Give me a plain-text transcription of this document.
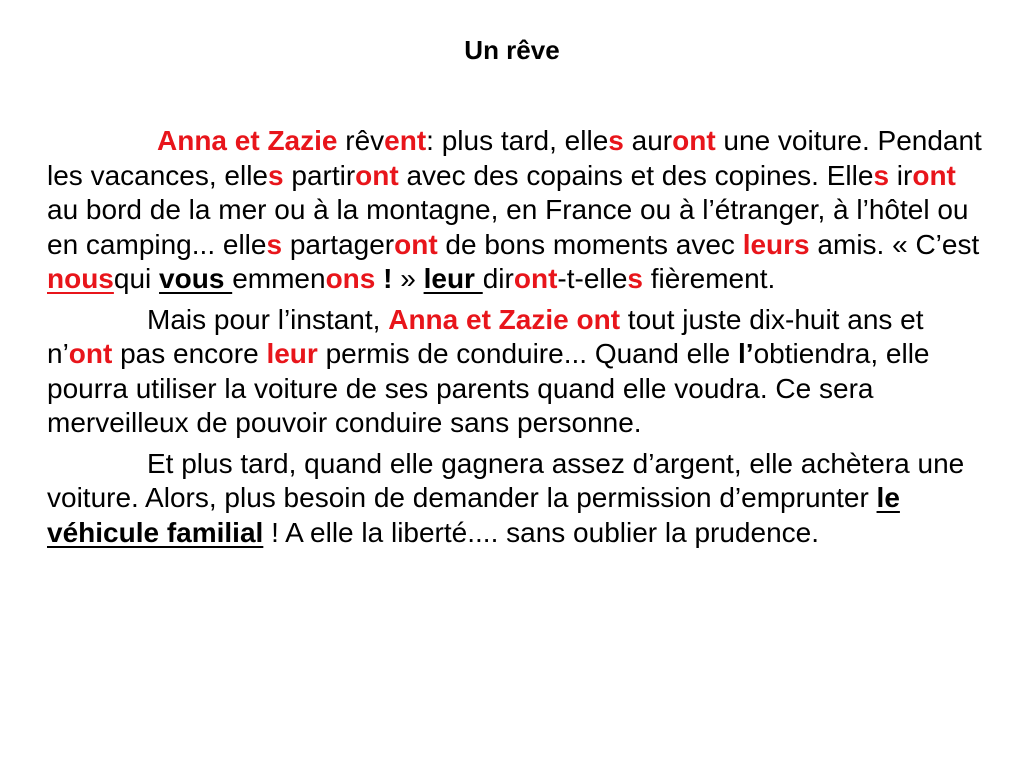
Un rêve

Anna et Zazie rêvent: plus tard, elles auront une voiture. Pendant les vacances, elles partiront avec des copains et des copines. Elles iront au bord de la mer ou à la montagne, en France ou à l’étranger, à l’hôtel ou en camping... elles partageront de bons moments avec leurs amis. « C’est nousqui vous emmenons ! » leur diront-t-elles fièrement.

Mais pour l’instant, Anna et Zazie ont tout juste dix-huit ans et n’ont pas encore leur permis de conduire... Quand elle l’obtiendra, elle pourra utiliser la voiture de ses parents quand elle voudra. Ce sera merveilleux de pouvoir conduire sans personne.

Et plus tard, quand elle gagnera assez d’argent, elle achètera une voiture. Alors, plus besoin de demander la permission d’emprunter le véhicule familial ! A elle la liberté.... sans oublier la prudence.
